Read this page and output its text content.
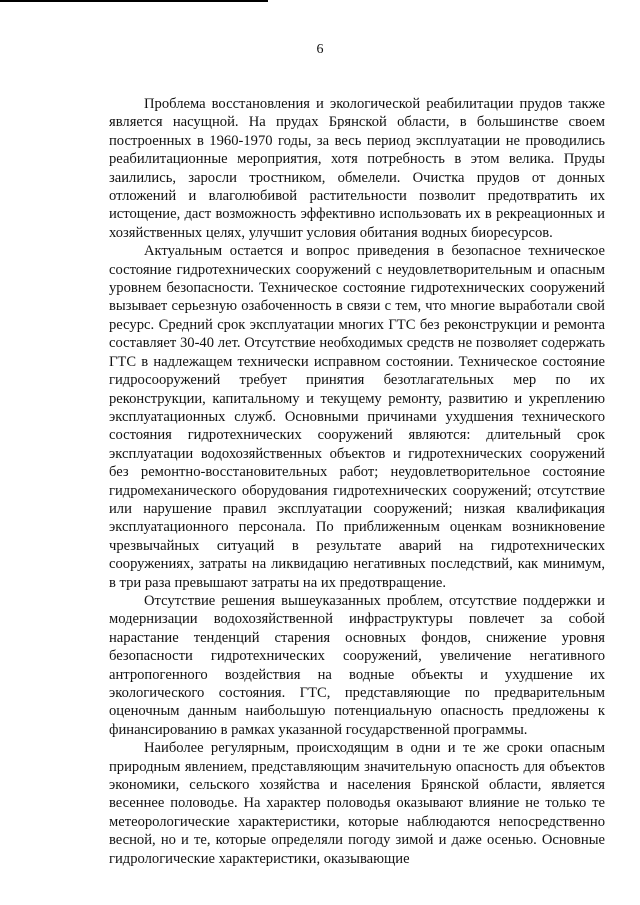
6

Проблема восстановления и экологической реабилитации прудов также является насущной. На прудах Брянской области, в большинстве своем построенных в 1960-1970 годы, за весь период эксплуатации не проводились реабилитационные мероприятия, хотя потребность в этом велика. Пруды заилились, заросли тростником, обмелели. Очистка прудов от донных отложений и влаголюбивой растительности позволит предотвратить их истощение, даст возможность эффективно использовать их в рекреационных и хозяйственных целях, улучшит условия обитания водных биоресурсов.

Актуальным остается и вопрос приведения в безопасное техническое состояние гидротехнических сооружений с неудовлетворительным и опасным уровнем безопасности. Техническое состояние гидротехнических сооружений вызывает серьезную озабоченность в связи с тем, что многие выработали свой ресурс. Средний срок эксплуатации многих ГТС без реконструкции и ремонта составляет 30-40 лет. Отсутствие необходимых средств не позволяет содержать ГТС в надлежащем технически исправном состоянии. Техническое состояние гидросооружений требует принятия безотлагательных мер по их реконструкции, капитальному и текущему ремонту, развитию и укреплению эксплуатационных служб. Основными причинами ухудшения технического состояния гидротехнических сооружений являются: длительный срок эксплуатации водохозяйственных объектов и гидротехнических сооружений без ремонтно-восстановительных работ; неудовлетворительное состояние гидромеханического оборудования гидротехнических сооружений; отсутствие или нарушение правил эксплуатации сооружений; низкая квалификация эксплуатационного персонала. По приближенным оценкам возникновение чрезвычайных ситуаций в результате аварий на гидротехнических сооружениях, затраты на ликвидацию негативных последствий, как минимум, в три раза превышают затраты на их предотвращение.

Отсутствие решения вышеуказанных проблем, отсутствие поддержки и модернизации водохозяйственной инфраструктуры повлечет за собой нарастание тенденций старения основных фондов, снижение уровня безопасности гидротехнических сооружений, увеличение негативного антропогенного воздействия на водные объекты и ухудшение их экологического состояния. ГТС, представляющие по предварительным оценочным данным наибольшую потенциальную опасность предложены к финансированию в рамках указанной государственной программы.

Наиболее регулярным, происходящим в одни и те же сроки опасным природным явлением, представляющим значительную опасность для объектов экономики, сельского хозяйства и населения Брянской области, является весеннее половодье. На характер половодья оказывают влияние не только те метеорологические характеристики, которые наблюдаются непосредственно весной, но и те, которые определяли погоду зимой и даже осенью. Основные гидрологические характеристики, оказывающие
